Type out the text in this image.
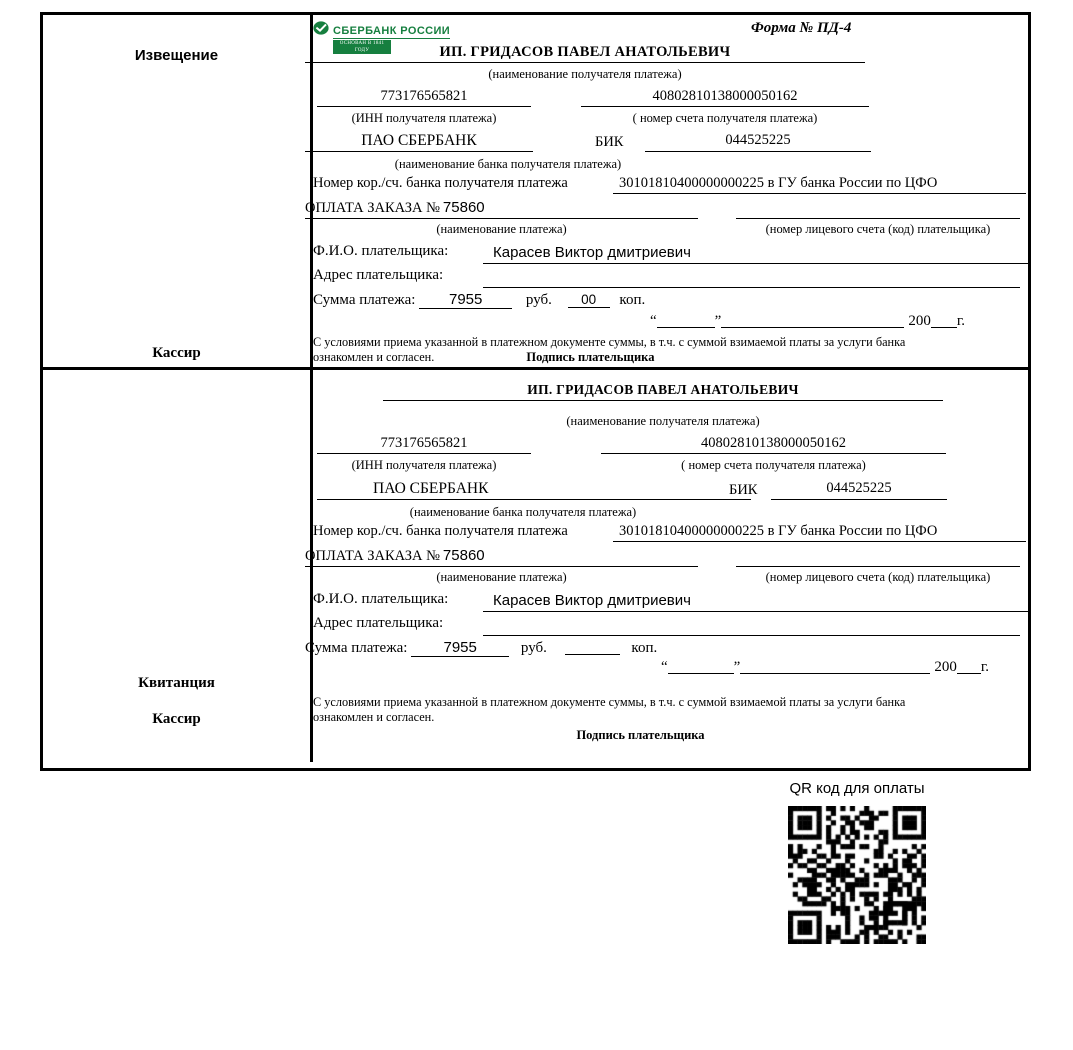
Извещение
Кассир
СБЕРБАНК РОССИИ
ОСНОВАН В 1841 ГОДУ
Форма № ПД-4
ИП. ГРИДАСОВ ПАВЕЛ АНАТОЛЬЕВИЧ
(наименование получателя платежа)
773176565821	40802810138000050162
(ИНН получателя платежа)	( номер счета получателя платежа)
ПАО СБЕРБАНК	БИК	044525225
(наименование банка получателя платежа)
Номер кор./сч. банка получателя платежа	30101810400000000225 в ГУ банка России по ЦФО
ОПЛАТА ЗАКАЗА № 75860
(наименование платежа)	(номер лицевого счета (код) плательщика)
Ф.И.О. плательщика:	Карасев Виктор дмитриевич
Адрес плательщика:
Сумма платежа: 7955	руб. 00 коп.
“	”	200 г.
С условиями приема указанной в платежном документе суммы, в т.ч. с суммой взимаемой платы за услуги банка
ознакомлен и согласен.	Подпись плательщика
Квитанция
Кассир
ИП. ГРИДАСОВ ПАВЕЛ АНАТОЛЬЕВИЧ
(наименование получателя платежа)
773176565821	40802810138000050162
(ИНН получателя платежа)	( номер счета получателя платежа)
ПАО СБЕРБАНК	БИК	044525225
(наименование банка получателя платежа)
Номер кор./сч. банка получателя платежа	30101810400000000225 в ГУ банка России по ЦФО
ОПЛАТА ЗАКАЗА № 75860
(наименование платежа)	(номер лицевого счета (код) плательщика)
Ф.И.О. плательщика:	Карасев Виктор дмитриевич
Адрес плательщика:
Сумма платежа: 7955	руб.	коп.
“	”	200 г.
С условиями приема указанной в платежном документе суммы, в т.ч. с суммой взимаемой платы за услуги банка
ознакомлен и согласен.
Подпись плательщика
QR код для оплаты
